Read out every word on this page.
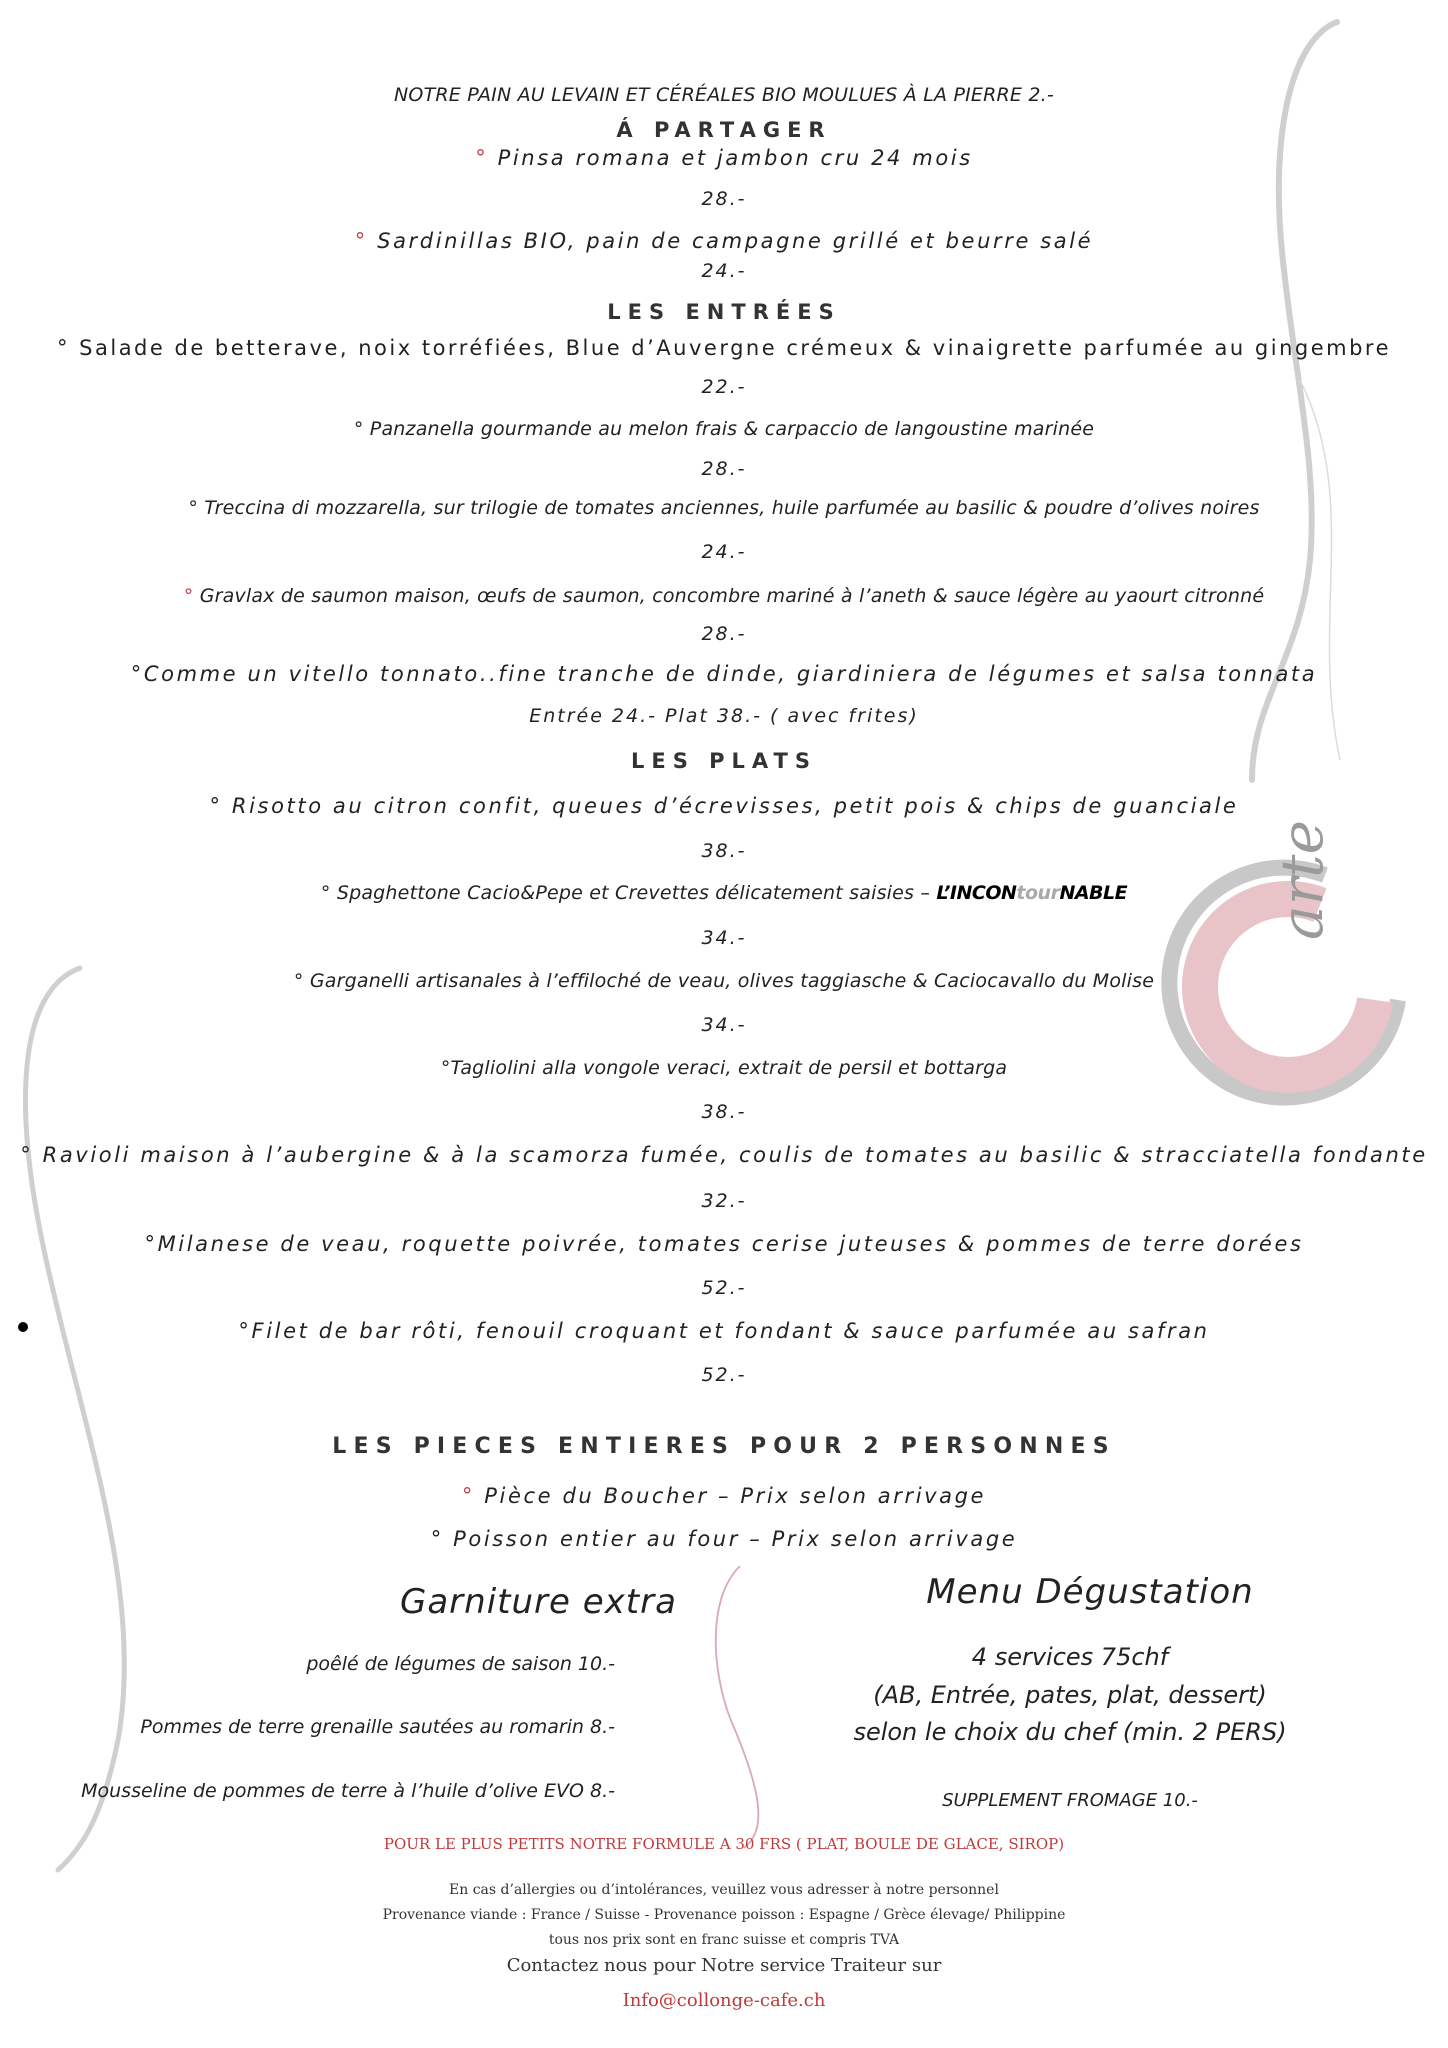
arte

NOTRE PAIN AU LEVAIN ET CÉRÉALES BIO MOULUES À LA PIERRE 2.-

Á PARTAGER

° Pinsa romana et jambon cru 24 mois

28.-

° Sardinillas BIO, pain de campagne grillé et beurre salé

24.-

LES ENTRÉES

° Salade de betterave, noix torréfiées, Blue d’Auvergne crémeux & vinaigrette parfumée au gingembre

22.-

° Panzanella gourmande au melon frais & carpaccio de langoustine marinée

28.-

° Treccina di mozzarella, sur trilogie de tomates anciennes, huile parfumée au basilic & poudre d’olives noires

24.-

° Gravlax de saumon maison, œufs de saumon, concombre mariné à l’aneth & sauce légère au yaourt citronné

28.-

°Comme un vitello tonnato..fine tranche de dinde, giardiniera de légumes et salsa tonnata

Entrée 24.- Plat 38.- ( avec frites)

LES PLATS

° Risotto au citron confit, queues d’écrevisses, petit pois & chips de guanciale

38.-

° Spaghettone Cacio&Pepe et Crevettes délicatement saisies – L’INCONtourNABLE

34.-

° Garganelli artisanales à l’effiloché de veau, olives taggiasche & Caciocavallo du Molise

34.-

°Tagliolini alla vongole veraci, extrait de persil et bottarga

38.-

° Ravioli maison à l’aubergine & à la scamorza fumée, coulis de tomates au basilic & stracciatella fondante

32.-

°Milanese de veau, roquette poivrée, tomates cerise juteuses & pommes de terre dorées

52.-

°Filet de bar rôti, fenouil croquant et fondant & sauce parfumée au safran

52.-

LES PIECES ENTIERES POUR 2 PERSONNES

° Pièce du Boucher – Prix selon arrivage

° Poisson entier au four – Prix selon arrivage

Garniture extra
poêlé de légumes de saison 10.-
Pommes de terre grenaille sautées au romarin 8.-
Mousseline de pommes de terre à l’huile d’olive EVO 8.-
Menu Dégustation
4 services 75chf
(AB, Entrée, pates, plat, dessert)
selon le choix du chef (min. 2 PERS)
SUPPLEMENT FROMAGE 10.-

POUR LE PLUS PETITS NOTRE FORMULE A 30 FRS ( PLAT, BOULE DE GLACE, SIROP)

En cas d’allergies ou d’intolérances, veuillez vous adresser à notre personnel

Provenance viande : France / Suisse - Provenance poisson : Espagne / Grèce élevage/ Philippine

tous nos prix sont en franc suisse et compris TVA

Contactez nous pour Notre service Traiteur sur

Info@collonge-cafe.ch
